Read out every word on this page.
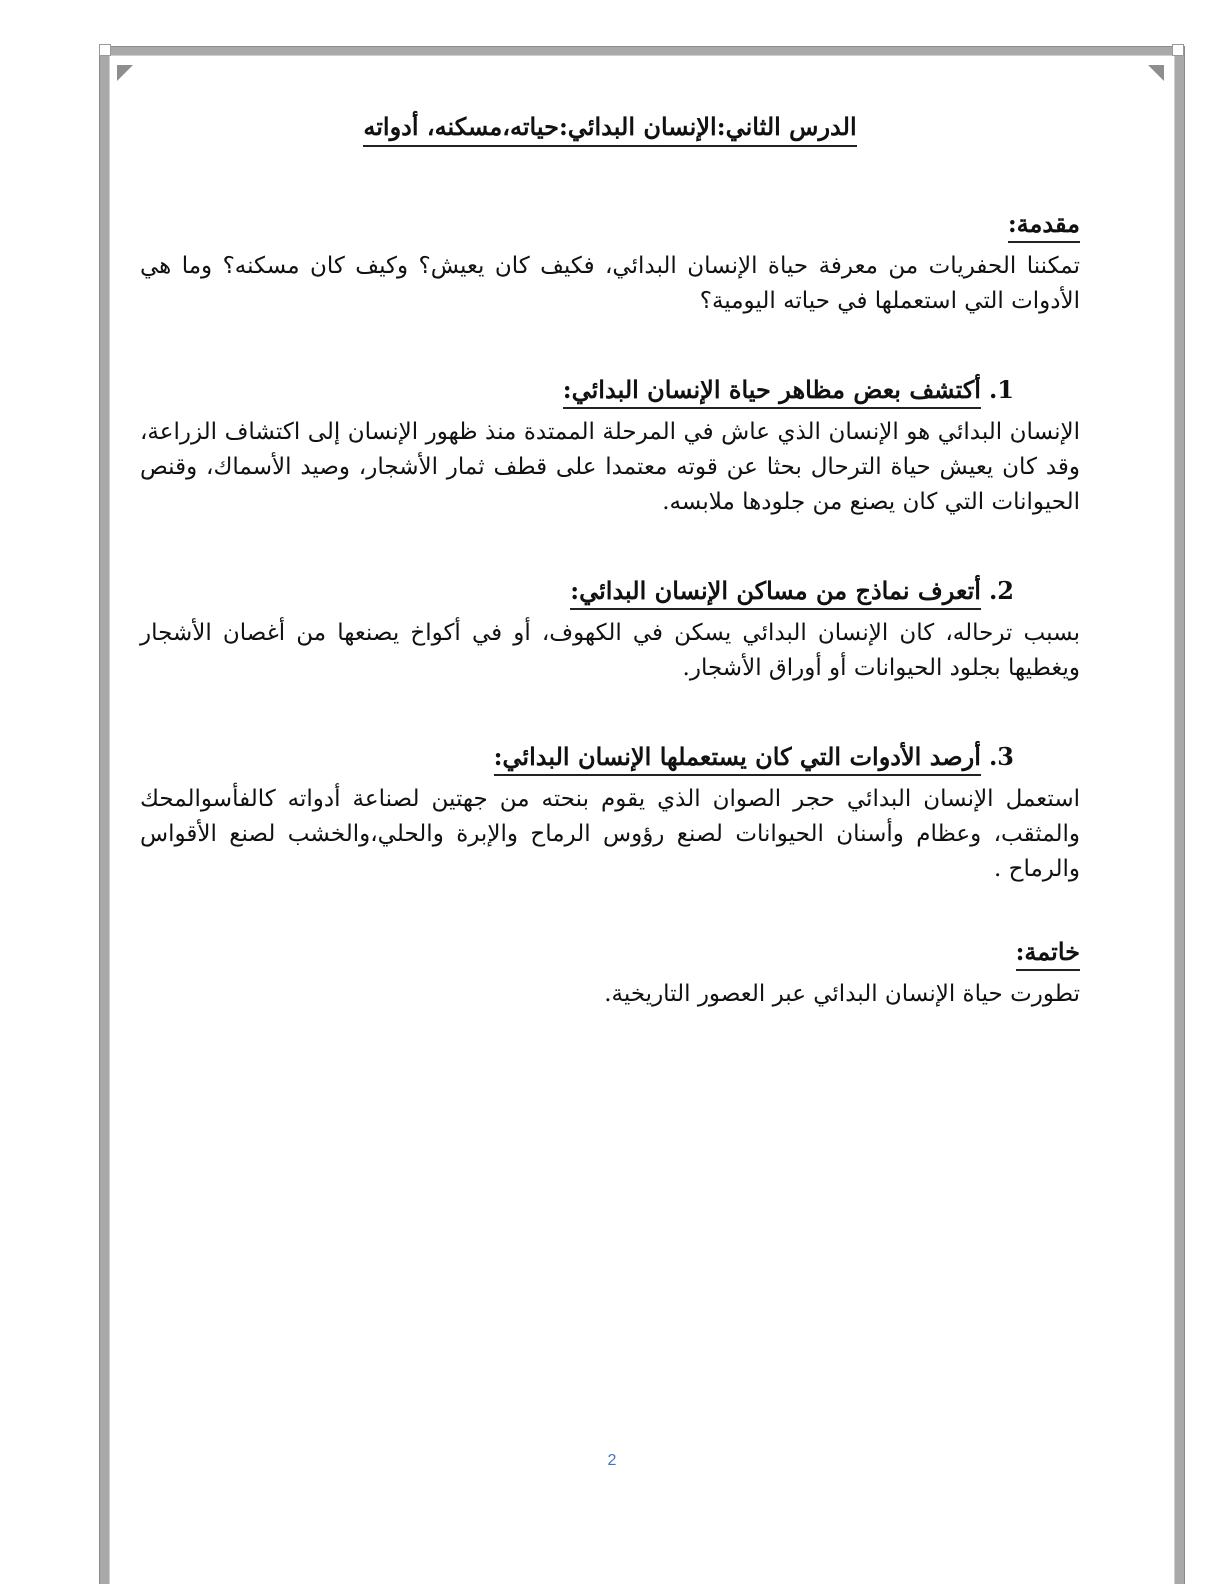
الدرس الثاني:الإنسان البدائي:حياته،مسكنه، أدواته
مقدمة:

تمكننا الحفريات من معرفة حياة الإنسان البدائي، فكيف كان يعيش؟ وكيف كان مسكنه؟ وما هي الأدوات التي استعملها في حياته اليومية؟

1.أكتشف بعض مظاهر حياة الإنسان البدائي:

الإنسان البدائي هو الإنسان الذي عاش في المرحلة الممتدة منذ ظهور الإنسان إلى اكتشاف الزراعة، وقد كان يعيش حياة الترحال بحثا عن قوته معتمدا على قطف ثمار الأشجار، وصيد الأسماك، وقنص الحيوانات التي كان يصنع من جلودها ملابسه.

2.أتعرف نماذج من مساكن الإنسان البدائي:

بسبب ترحاله، كان الإنسان البدائي يسكن في الكهوف، أو في أكواخ يصنعها من أغصان الأشجار ويغطيها بجلود الحيوانات أو أوراق الأشجار.

3.أرصد الأدوات التي كان يستعملها الإنسان البدائي:

استعمل الإنسان البدائي حجر الصوان الذي يقوم بنحته من جهتين لصناعة أدواته كالفأسوالمحك والمثقب، وعظام وأسنان الحيوانات لصنع رؤوس الرماح والإبرة والحلي،والخشب لصنع الأقواس والرماح .

خاتمة:

تطورت حياة الإنسان البدائي عبر العصور التاريخية.

2
